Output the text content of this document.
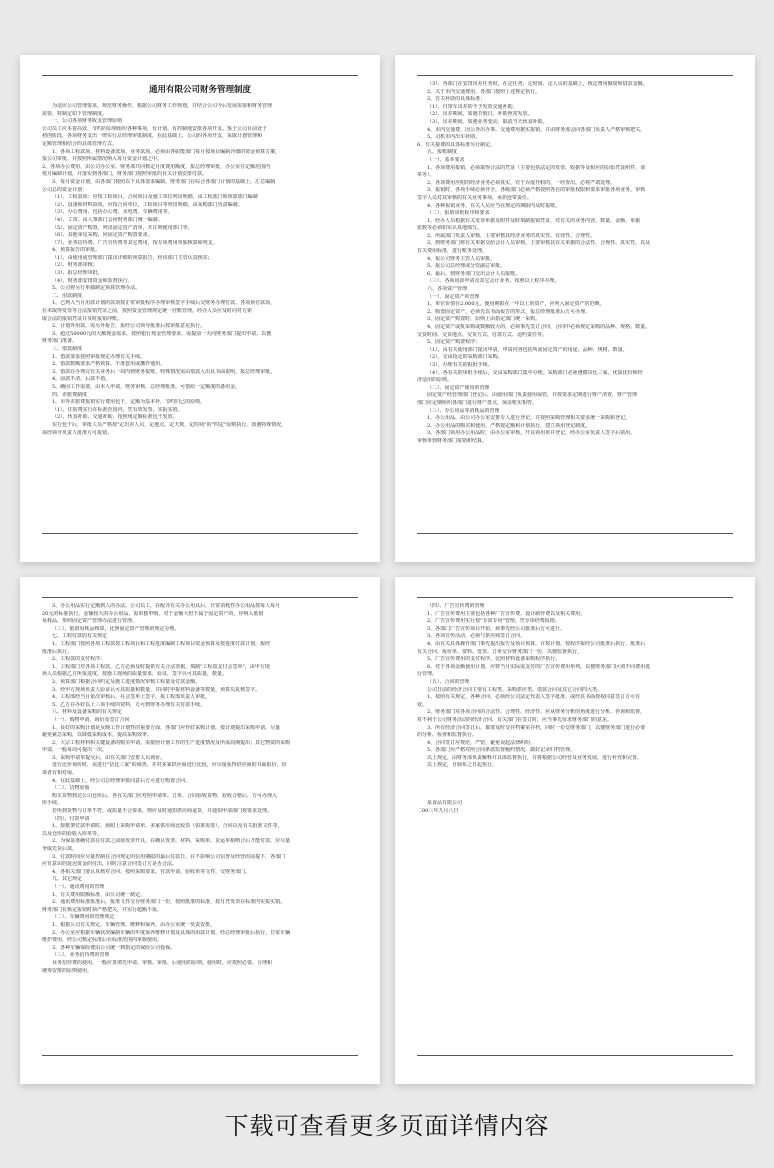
通用有限公司财务管理制度
为适应公司管理要求，规范财务操作，根据公司财务工作规划，并结合公司今后发展需要和财务管理
需要，特制定如下管理制度。
一、公司各项财务收支管理原则
公司员工应本着高效、节约的原则组织各种事项，有计划、有控制地安排各项开支。鉴于公司目前处于
初创阶段，各项财务支出一律实行总经理审批制度，在此基础上，公司的各项开支，采取计划管理和
定额管理相结合的具体管理方式。
1、各项工程款项、材料设备款项、业务款项，必须由各职能部门每月按项目编制详细的资金预算方案，
报公司审批，并按照所属情况纳入每月资金计划之中。
2、各项办公费用，由公司办公室、财务部共同核定月度费用额度，报总经理审批，办公室在定额范围内
按月编制计划，并落实到各部门，财务部门按照审批的有关计划安排付款。
3、每月资金计划，由各部门按照以下具体要求编制，财务部门在综合各部门计划的基础上，汇总编制
公司总的资金计划：
（1）、工程款项：应按工程项目、合同项目及施工单位列出明细，由工程部门和预算部门编制
（2）、设备和材料款项，应按合同单位，工程项目等列出明细，由采购部门负责编制。
（3）、办公费用，包括办公费、水电费、车辆费用等。
（4）、工资，由人事部门会同财务部门统一编制。
（5）、固定资产购置，列出固定资产清单，并注明使用部门等。
（6）、其他零星采购，同固定资产购置要求。
（7）、业务招待费、广告宣传费等其它费用，按专项费用单独核算和列支。
4、预算报告的审批。
（1）、由使用或管理部门提出详细的预算报告，经该部门主管认真核实；
（2）、财务部审核；
（3）、报总经理审批。
（4）、财务部安排资金和监督执行。
5、公司将另行单独制定预算管理办法。
二、用款制度
1、已列入当月用款计划的款项按正常审批程序办理审核签字手续后交财务办理付款。各项预付款项，
在未取得发票等合法报销凭证之前，按照资金管理规定统一挂账管理，经办人员应及时向对方索
取合法的报销凭证并及时报销冲账。
2、计划外用款，需另外报告，报经公司领导批准后按审批意见执行。
3、超过50000元的大额现金需求，按照银行现金管理要求，需提前一天向财务部门提出申请，以便
财务部门准备。
三、借款制度
1、借款要求按照审批规定办理有关手续。
2、借款数额要求严格预算，不准套用或挪作他用。
3、借款在办理完有关业务后一周内到财务报账，特殊情况需由借款人出具书面说明，报总经理审批。
4、前款不清，后款不借。
5、确因工作需要，由本人申请，财务审核，总经理批准，可借给一定额度的备用金。
四、差旅费制度
1、市外差旅费报销实行费用包干，定额为基本补，节约归己的原则。
（1）、住宿费实行在标准范围内，凭有效发票，实报实销。
（2）、伙食补助、交通补助，按照规定额标准包干发放。
实行包干后，审批人员严格按"定出差人员，定地点，定天数，定时间"的"四定"原则执行，如遇特殊情况，
需经领导负责人批准方可报销。
（3）、各部门在安排出差任务时，在定任务，定时间、定人员的基础上，核定费用额度和借款金额。
2、关于市内交通费用，各部门按照上述规定执行。
3、有关补助的具体标准：
（1）、自带车出差的不予发放交通补助。
（2）、出差期间，如遇节假日，补助照常发放。
（3）、出差期间，如遇业务变动，取消当天伙食补助。
4、市内交通费，因公外出办事，交通费用据实报销，并由财务部会同各部门负责人严格审核把关。
5、司机市内出车补助。
6、有关接费的具体标准另行制定。
五、报账制度
（一）、基本要求
1、各项费用报销，必须取得合法的凭证（主要包括法定的发票、收据等及相应的原始凭证附件，请
单等）。
2、各项费用应附的经济业务必须真实，对于弄虚作假的，一经查出，必将严肃处理。
3、报销时，各项手续必须齐全，各级部门必须严格按照各自的审批权限和要求审批各项业务，审核
签字人员对其审核的有关业务事项，承担连带责任。
4、各种报销业务，有关人员应当在规定的期限内及时报账。
（二）、报销审批程序和要求
1、经办人员根据有关发票单据及附件及时填制报销凭证，对有关的业务内容、数量、金额、单据
张数等必须如实认真地填写。
2、所属部门负责人审核，主要审核其经济业务的真实性、有效性、合理性。
3、到财务部门将有关单据交给会计人员审核，主要审核其有关单据的合法性、合规性、真实性，以及
有关费用标准，进行账务处理。
4、报公司财务主管人员审批。
5、报公司总经理或分管副总审批。
6、最后，到财务部门交出会计人员报账。
（三）、各项用款申请及其它会计业务，按照以上程序办理。
六、各项资产管理
（一）、固定资产的管理
1、单位价值在2,000元，使用期限在一年以上的资产，应列入固定资产的范畴。
2、购置固定资产，必须先以书面报告的形式，报总经理批准后方可办理。
3、固定资产购置时，原则上由指定部门统一采购。
4、固定资产或批采购或数额较大的，必须事先签订合同，合同中必须规定采购的品种、规格、数量、
交货时间、交货地点、交货方式、付款方式、违约责任等。
5、固定资产购置程序：
（1）、由有关使用部门提出申请，申请内容包括所需固定资产的用途、品种、规格、数量。
（2）、交由指定的采购部门采购。
（3）、办理有关的报批手续。
（4）、各有关的审批手续后，交由采购部门集中办理。采购部门必须遵循货比三家，优质优价和经
济适用的原则。
（二）、固定资产使用的管理
固定资产经管理部门登记后，由使用部门负责使用保管，并按要求定期进行财产清查，财产管理
部门应定期组织各部门进行财产盘点，保证账实相符。
（三）、办公用品等消耗品的管理
1、办公用品，由公司办公室安排专人进行登记，并按照采购管理相关要求统一采购和登记。
2、办公用品的购买和使用，严格按定额和计划执行，建立领用登记制度。
3、各部门领用办公用品时，由办公室审核，开具领用单并登记，经办公室负责人签字后领用。
审核单到财务部门报销和结算。
3、办公用品实行定额到人的办法，公司员工，在配齐有关办公用具后，日常消耗性办公用品按每人每月
20元的标准执行。金额较大的办公用品，需单独申购，对于金额大但不属于固定资产的，应纳入低值
易耗品，参照固定资产管理办法进行管理。
（三）、低值易耗品核算，比照固定资产管理的规定办理。
七、工程付款的有关规定
1、工程部门按照各项工程款按工程项目和工程进度编制工程项目资金预算及按进度付款计划，报经
批准后执行。
2、工程款的支付程序：
1、工程部门对各项工程款，乙方必须及时提供有关合法票据，填制"工程款支付会签单"，由甲方现
场人员根据乙方所报进度，按施工现场的质量要求，验证，签字认可其质量，数量。
2、预算部门根据合同约定及施工进度情况审核工程量及付款金额。
3、经甲方现场负责人验证认可其质量和数量，并同时申报材料设备等数量，预算员复核签字。
4、工程部经当月依次审核后，在会签单上签字，报工程部负责人审批。
5、乙方在办好以上三项手续的资料，方可到财务办理有关付款手续。
八、材料及设备采购的有关规定
（一）、购物申请，询价及签订合同
1、良好的采购计划是反映工作计划性的重要方面，各部门应作好采购计划，按计划提出采购申请，尽量
避免紧急采购，以降低采购成本，提高采购效率。
2、大宗工程材料和关键设备的购买申请，需依照计划工作的生产进度情况及所需周期提出；其它物资的采购
申请，一般每周可提出一次。
3、采购申请单提交后，由有关部门安排人员询价。
进行比价询价时，需进行"货比三家"的调查，并对多家供应商进行比较，应尽量获得供应商的书面报价，恰
谈者有相对保。
4、在此基础上，经公司总经理审批同意后方可进行购置合同。
（二）、货物验收
购买货物到达公司仓库后，各有关部门应对照申请单、订单、合同验收货物，验收合格后，方可办理入
库手续。
若所到货物与订单不符，或质量不合要求，则应及时通知供应商退货，并通知申请部门按要求处理。
（四）、付款申请
1、按框架付款申请时，须附上采购申请单、多家供应商比较表（如果需要），合同以及有关批准文件等，
以及仓库的验收入库单等。
2、为保证准确付款在付款之前须发票开具，在确认发票、材料、采购单、货运单相吻合后才能付款，应尽量
争取先货后款。
3、付款时间应尽量控制在合同规定的信用期限的最后付款日，在不影响公司信誉及经营的前提下，各部门
应有意识的延迟资金的付出，同时注意合同签订方是否合法。
4、各相关部门要认真核对合同，按照采购要求，付款申请，验收单等文件，交财务部门。
九、其它规定
（一）、通讯费用的管理
1、有关费用限额标准，由公司统一制定。
2、通讯费用标准批准后，批准文件交存财务部门一份，按照批准的标准，按月凭发票在标准内实报实销。
财务部门在核定报销时须严格把关，并实行超额不报。
（二）、车辆费用的管理规定
1、根据公司有关规定，车辆管理、维修和保养，由办公室统一负责安排。
2、办公室应根据车辆状况编制车辆的年度保养维修计划及具体的用款计划，经总经理审批后执行。日常车辆
维护费用，经公司核定标准后在标准范围内掌握使用。
3、各种车辆保险费由公司统一到指定的保险公司投保。
（三）、业务招待费的管理
业务招待费的使用，一般应贯彻先申请、审核、审批、后使用的原则，使用时，应按照必要、合理和
统筹安排的原则使用。
（四）、广告宣传费的管理
1、广告宣传费用主要包括各种广告宣传费、设计制作费以及相关费用。
2、广告宣传费用实行按"专款专用"管理，凭专项经费报销。
3、各部门广告宣传项目开始，须事先经公司批准后方可进行。
3、各项宣传活动，必须与供应商签订合同。
4、由有关具体操作部门事先提出报告及项目预算，并按计划，按程序报经公司批准后执行，批准后
有关合同、报价单、资料、发票、订单交存财务部门一份，以便监督执行。
5、广告宣传费用的支付程序，比照材料设备采购程序执行。
6、对于各项金额使用计划，应将当月实际需支付的广告宣传费用单列，以便财务部门区别不同费用进
行管理。
（五）、合同的管理
公司日前的经济合同主要有工程类、采购供应类、借款合同及其它合同四大类。
1、按照有关规定，各种合同，必须经公司法定代表人签字批准，或经其书面授权同意签订方可有
效。
2、财务部门对各项合同的合法性、合理性、经济性，应从财务分析的角度进行分析、咨询和监督，
对不利于公司财务活动的经济合同，有关部门在签订时，应当事先征求财务部门的意见。
3、所有经济合同签订后，都要及时交存档案室存档，同时一份交财务部门，以便财务部门进行必要
的分析、检查和监督执行。
4、合同签订应规范，严密，避免误起法律纠纷。
5、各部门应严格对照合同条款监督履约情况，做好记录归档管理。
以上规定，由财务部负责解释并具体监督执行，并将根据公司经营及业务发展，进行补充和完善。
以上规定，自颁布之日起执行。
某食品有限公司
二00三年九月八日
下载可查看更多页面详情内容
